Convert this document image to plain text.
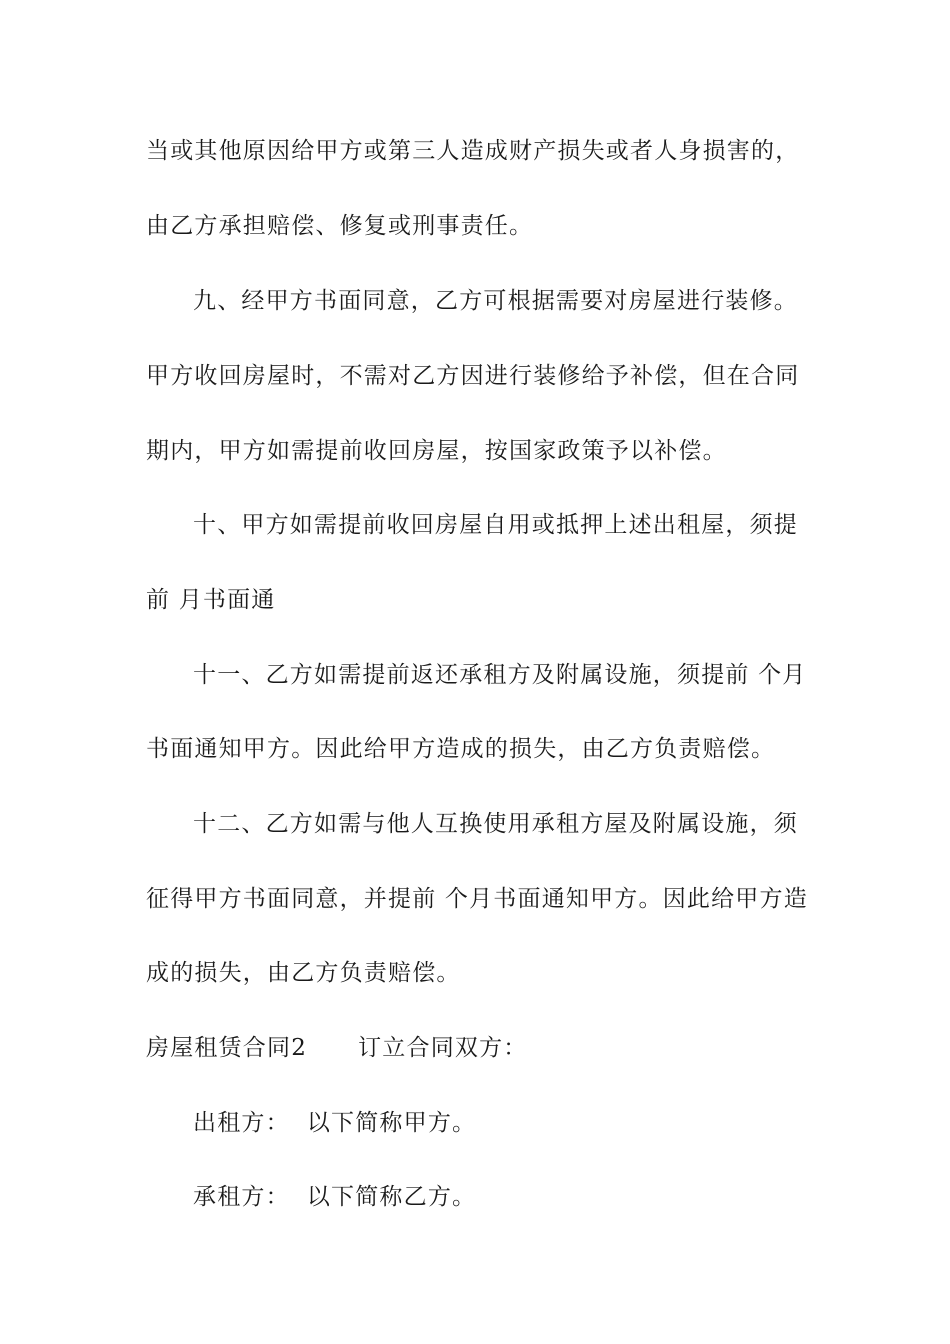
当或其他原因给甲方或第三人造成财产损失或者人身损害的，
由乙方承担赔偿、修复或刑事责任。
九、经甲方书面同意，乙方可根据需要对房屋进行装修。
甲方收回房屋时，不需对乙方因进行装修给予补偿，但在合同
期内，甲方如需提前收回房屋，按国家政策予以补偿。
十、甲方如需提前收回房屋自用或抵押上述出租屋，须提
前 月书面通
十一、乙方如需提前返还承租方及附属设施，须提前 个月
书面通知甲方。因此给甲方造成的损失，由乙方负责赔偿。
十二、乙方如需与他人互换使用承租方屋及附属设施，须
征得甲方书面同意，并提前 个月书面通知甲方。因此给甲方造
成的损失，由乙方负责赔偿。
房屋租赁合同2      订立合同双方：
出租方：  以下简称甲方。
承租方：  以下简称乙方。
